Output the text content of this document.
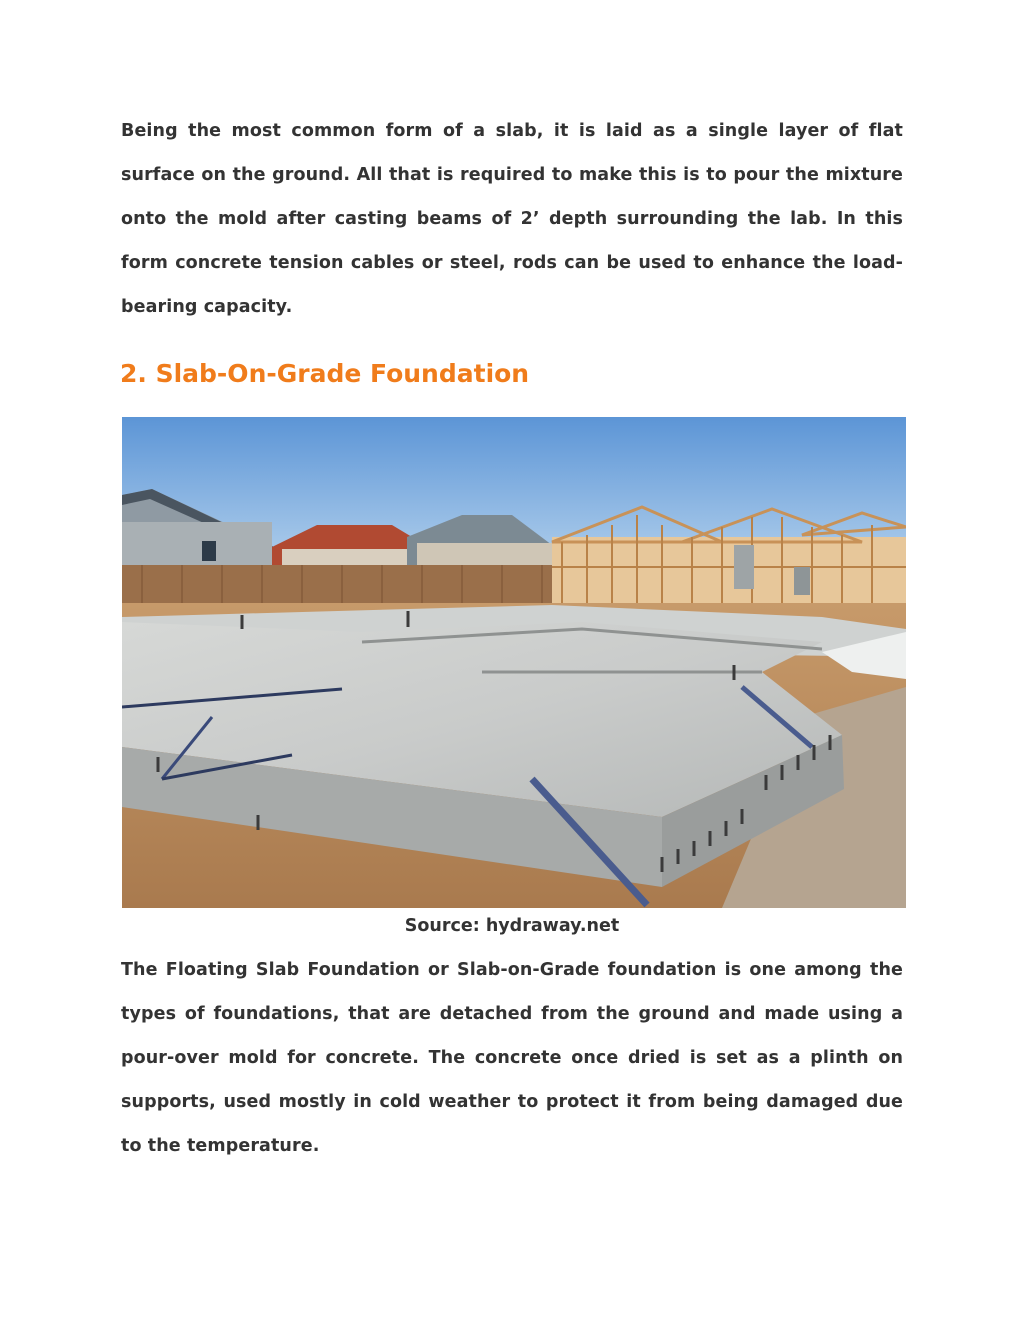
Being the most common form of a slab, it is laid as a single layer of flat surface on the ground. All that is required to make this is to pour the mixture onto the mold after casting beams of 2’ depth surrounding the lab. In this form concrete tension cables or steel, rods can be used to enhance the load-bearing capacity.

2. Slab-On-Grade Foundation

Source: hydraway.net

The Floating Slab Foundation or Slab-on-Grade foundation is one among the types of foundations, that are detached from the ground and made using a pour-over mold for concrete. The concrete once dried is set as a plinth on supports, used mostly in cold weather to protect it from being damaged due to the temperature.
